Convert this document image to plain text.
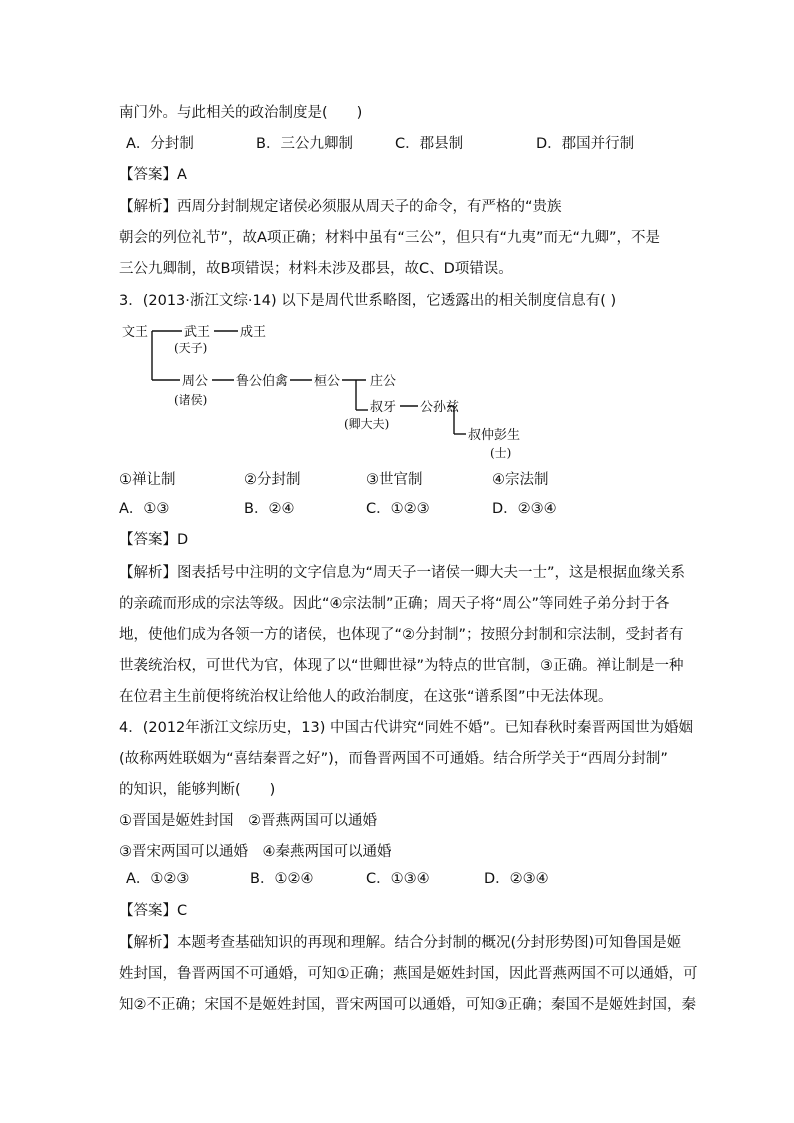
南门外。与此相关的政治制度是(　　)
A．分封制	B．三公九卿制	C．郡县制	D．郡国并行制
【答案】A
【解析】西周分封制规定诸侯必须服从周天子的命令，有严格的“贵族
朝会的列位礼节”，故A项正确；材料中虽有“三公”，但只有“九夷”而无“九卿”，不是
三公九卿制，故B项错误；材料未涉及郡县，故C、D项错误。
3．(2013·浙江文综·14) 以下是周代世系略图，它透露出的相关制度信息有( )
文王	武王 成王
(天子)
周公
(诸侯)
鲁公伯禽 桓公 庄公
叔牙 公孙兹
(卿大夫)
叔仲彭生
(士)
①禅让制	②分封制	③世官制	④宗法制
A．①③	B．②④	C．①②③	D．②③④
【答案】D
【解析】图表括号中注明的文字信息为“周天子一诸侯一卿大夫一士”，这是根据血缘关系
的亲疏而形成的宗法等级。因此“④宗法制”正确；周天子将“周公”等同姓子弟分封于各
地，使他们成为各领一方的诸侯，也体现了“②分封制”；按照分封制和宗法制，受封者有
世袭统治权，可世代为官，体现了以“世卿世禄”为特点的世官制，③正确。禅让制是一种
在位君主生前便将统治权让给他人的政治制度，在这张“谱系图”中无法体现。
4．(2012年浙江文综历史，13) 中国古代讲究“同姓不婚”。已知春秋时秦晋两国世为婚姻
(故称两姓联姻为“喜结秦晋之好”)，而鲁晋两国不可通婚。结合所学关于“西周分封制”
的知识，能够判断(　　)
①晋国是姬姓封国　②晋燕两国可以通婚
③晋宋两国可以通婚　④秦燕两国可以通婚
A．①②③	B．①②④	C．①③④	D．②③④
【答案】C
【解析】本题考查基础知识的再现和理解。结合分封制的概况(分封形势图)可知鲁国是姬
姓封国，鲁晋两国不可通婚，可知①正确；燕国是姬姓封国，因此晋燕两国不可以通婚，可
知②不正确；宋国不是姬姓封国，晋宋两国可以通婚，可知③正确；秦国不是姬姓封国，秦
